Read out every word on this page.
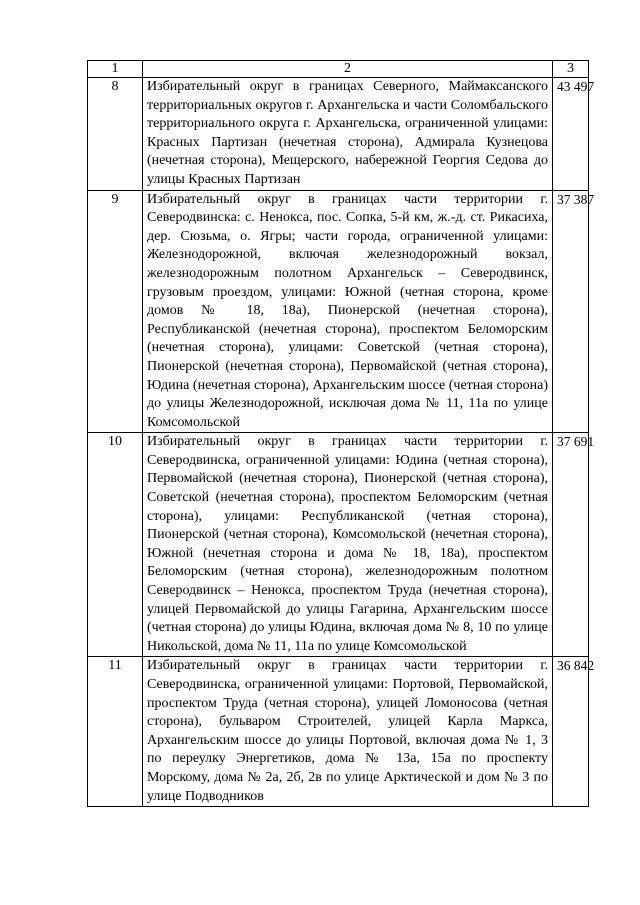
1	2	3
8	Избирательный округ в границах Северного, Маймаксанского территориальных округов г. Архангельска и части Соломбальского территориального округа г. Архангельска, ограниченной улицами: Красных Партизан (нечетная сторона), Адмирала Кузнецова (нечетная сторона), Мещерского, набережной Георгия Седова до улицы Красных Партизан	43 497
9	Избирательный округ в границах части территории г. Северодвинска: с. Ненокса, пос. Сопка, 5-й км, ж.-д. ст. Рикасиха, дер. Сюзьма, о. Ягры; части города, ограниченной улицами: Железнодорожной, включая железнодорожный вокзал, железнодорожным полотном Архангельск – Северодвинск, грузовым проездом, улицами: Южной (четная сторона, кроме домов № 18, 18а), Пионерской (нечетная сторона), Республиканской (нечетная сторона), проспектом Беломорским (нечетная сторона), улицами: Советской (четная сторона), Пионерской (нечетная сторона), Первомайской (четная сторона), Юдина (нечетная сторона), Архангельским шоссе (четная сторона) до улицы Железнодорожной, исключая дома № 11, 11а по улице Комсомольской	37 387
10	Избирательный округ в границах части территории г. Северодвинска, ограниченной улицами: Юдина (четная сторона), Первомайской (нечетная сторона), Пионерской (четная сторона), Советской (нечетная сторона), проспектом Беломорским (четная сторона), улицами: Республиканской (четная сторона), Пионерской (четная сторона), Комсомольской (нечетная сторона), Южной (нечетная сторона и дома № 18, 18а), проспектом Беломорским (четная сторона), железнодорожным полотном Северодвинск – Ненокса, проспектом Труда (нечетная сторона), улицей Первомайской до улицы Гагарина, Архангельским шоссе (четная сторона) до улицы Юдина, включая дома № 8, 10 по улице Никольской, дома № 11, 11а по улице Комсомольской	37 691
11	Избирательный округ в границах части территории г. Северодвинска, ограниченной улицами: Портовой, Первомайской, проспектом Труда (четная сторона), улицей Ломоносова (четная сторона), бульваром Строителей, улицей Карла Маркса, Архангельским шоссе до улицы Портовой, включая дома № 1, 3 по переулку Энергетиков, дома № 13а, 15а по проспекту Морскому, дома № 2а, 2б, 2в по улице Арктической и дом № 3 по улице Подводников	36 842
